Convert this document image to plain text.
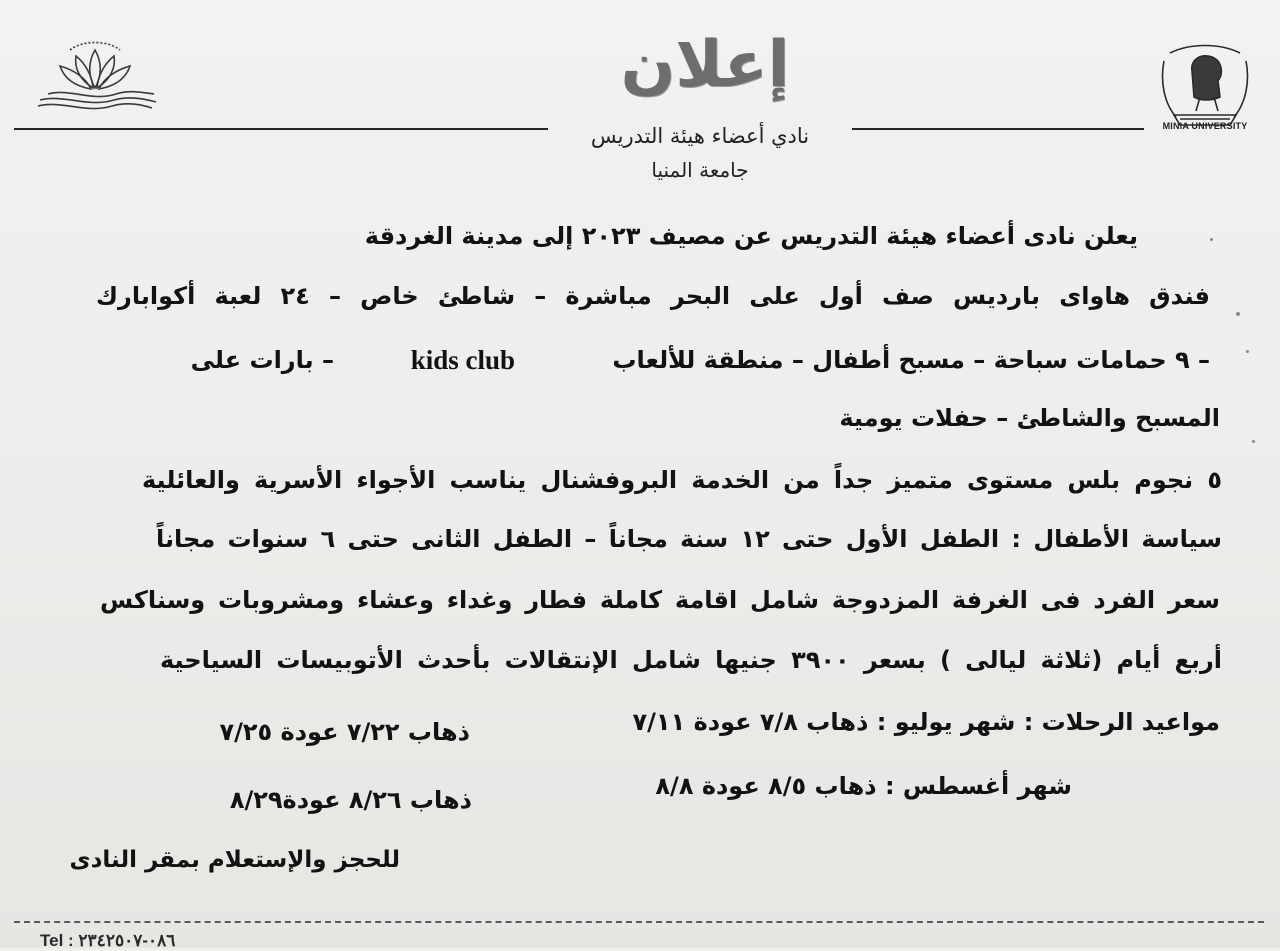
MINIA UNIVERSITY
إعلان
نادي أعضاء هيئة التدريس
جامعة المنيا
يعلن نادى أعضاء هيئة التدريس عن مصيف ٢٠٢٣ إلى مدينة الغردقة
فندق هاواى بارديس صف أول على البحر مباشرة – شاطئ خاص – ٢٤ لعبة أكوابارك
– ٩ حمامات سباحة – مسبح أطفال – منطقة للألعاب
kids club
– بارات على
المسبح والشاطئ – حفلات يومية
٥ نجوم بلس مستوى متميز جداً من الخدمة البروفشنال يناسب الأجواء الأسرية والعائلية
سياسة الأطفال : الطفل الأول حتى ١٢ سنة مجاناً – الطفل الثانى حتى ٦ سنوات مجاناً
سعر الفرد فى الغرفة المزدوجة شامل اقامة كاملة فطار وغداء وعشاء ومشروبات وسناكس
أربع أيام (ثلاثة ليالى ) بسعر ٣٩٠٠ جنيها شامل الإنتقالات بأحدث الأتوبيسات السياحية
مواعيد الرحلات : شهر يوليو : ذهاب ٧/٨ عودة ٧/١١
ذهاب ٧/٢٢ عودة ٧/٢٥
شهر أغسطس : ذهاب ٨/٥ عودة ٨/٨
ذهاب ٨/٢٦ عودة٨/٢٩
للحجز والإستعلام بمقر النادى
Tel : ٠٨٦-٢٣٤٢٥٠٧
